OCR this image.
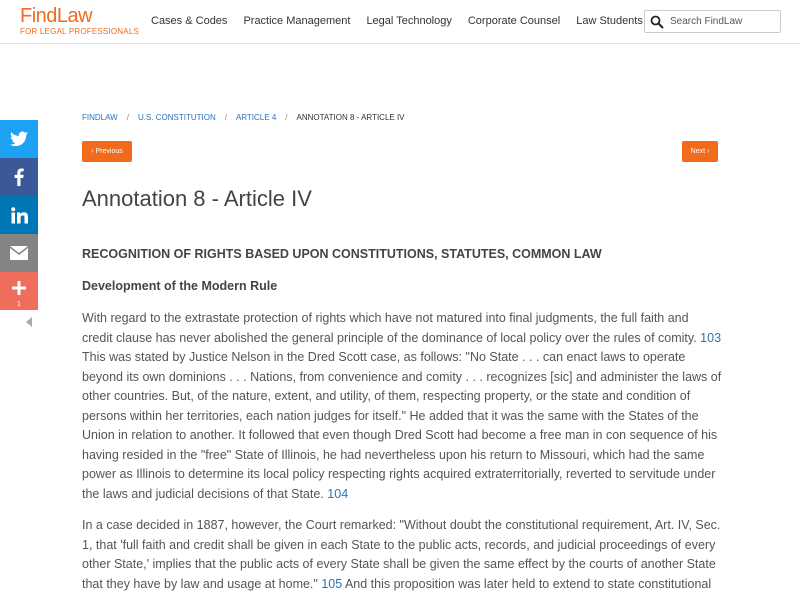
FindLaw
FOR LEGAL PROFESSIONALS
Cases & Codes Practice Management Legal Technology Corporate Counsel Law Students
Search FindLaw
1
FINDLAW / U.S. CONSTITUTION / ARTICLE 4 / ANNOTATION 8 - ARTICLE IV
‹ Previous	Next ›
Annotation 8 - Article IV
RECOGNITION OF RIGHTS BASED UPON CONSTITUTIONS, STATUTES, COMMON LAW
Development of the Modern Rule

With regard to the extrastate protection of rights which have not matured into final judgments, the full faith and credit clause has never abolished the general principle of the dominance of local policy over the rules of comity. 103 This was stated by Justice Nelson in the Dred Scott case, as follows: "No State . . . can enact laws to operate beyond its own dominions . . . Nations, from convenience and comity . . . recognizes [sic] and administer the laws of other countries. But, of the nature, extent, and utility, of them, respecting property, or the state and condition of persons within her territories, each nation judges for itself." He added that it was the same with the States of the Union in relation to another. It followed that even though Dred Scott had become a free man in con sequence of his having resided in the "free" State of Illinois, he had nevertheless upon his return to Missouri, which had the same power as Illinois to determine its local policy respecting rights acquired extraterritorially, reverted to servitude under the laws and judicial decisions of that State. 104

In a case decided in 1887, however, the Court remarked: "Without doubt the constitutional requirement, Art. IV, Sec. 1, that 'full faith and credit shall be given in each State to the public acts, records, and judicial proceedings of every other State,' implies that the public acts of every State shall be given the same effect by the courts of another State that they have by law and usage at home." 105 And this proposition was later held to extend to state constitutional
